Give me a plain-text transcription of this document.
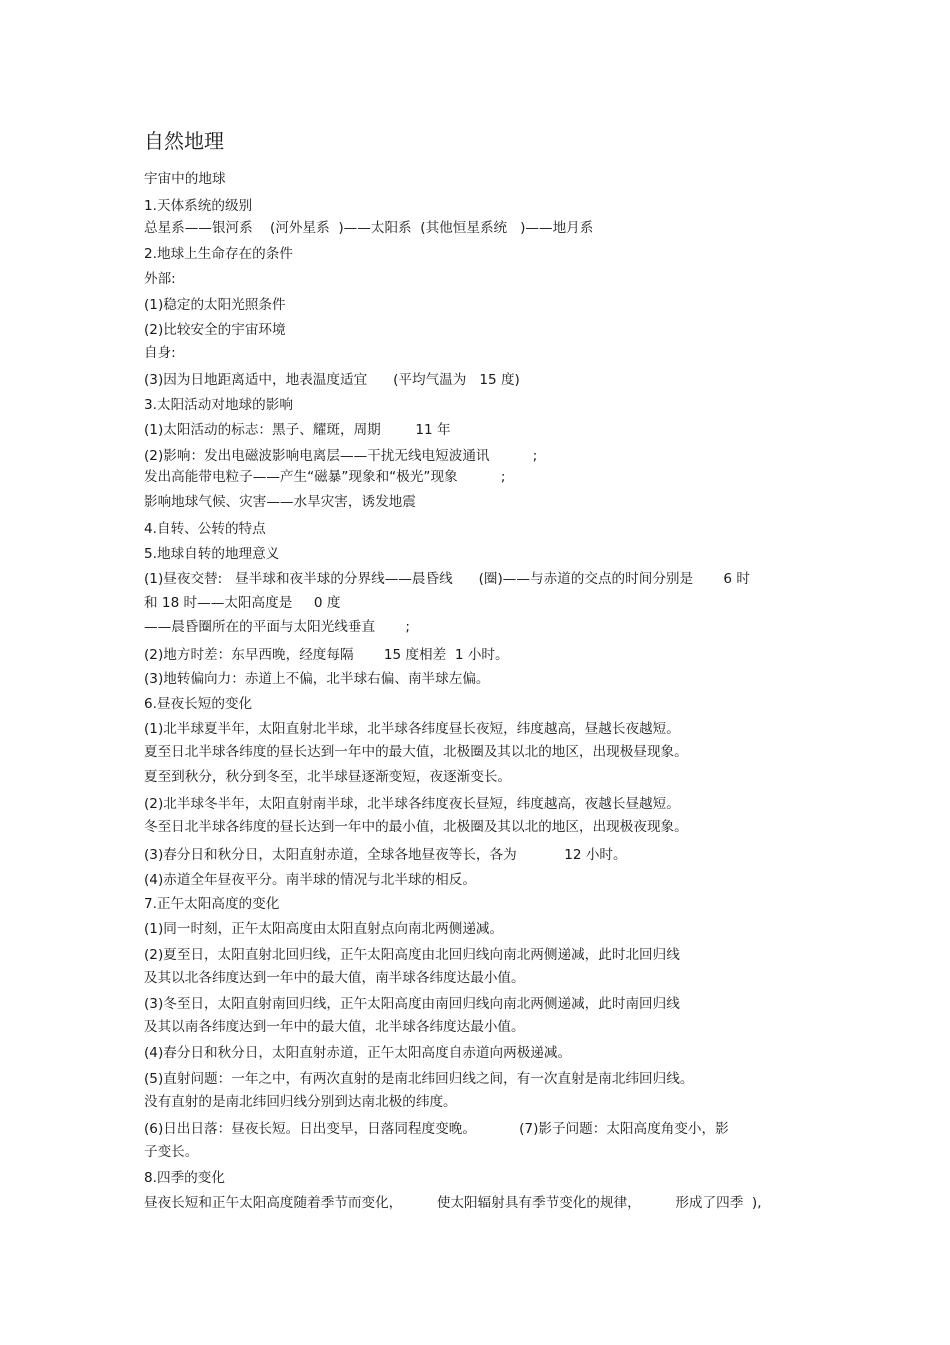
自然地理
宇宙中的地球
1.天体系统的级别
总星系——银河系    (河外星系  )——太阳系  (其他恒星系统   )——地月系
2.地球上生命存在的条件
外部:
(1)稳定的太阳光照条件
(2)比较安全的宇宙环境
自身:
(3)因为日地距离适中，地表温度适宜      (平均气温为   15 度)
3.太阳活动对地球的影响
(1)太阳活动的标志：黑子、耀斑，周期        11 年
(2)影响：发出电磁波影响电离层——干扰无线电短波通讯          ;
发出高能带电粒子——产生“磁暴”现象和“极光”现象          ;
影响地球气候、灾害——水旱灾害，诱发地震
4.自转、公转的特点
5.地球自转的地理意义
(1)昼夜交替:   昼半球和夜半球的分界线——晨昏线      (圈)——与赤道的交点的时间分别是       6 时
和 18 时——太阳高度是     0 度
——晨昏圈所在的平面与太阳光线垂直       ;
(2)地方时差：东早西晚，经度每隔       15 度相差  1 小时。
(3)地转偏向力：赤道上不偏，北半球右偏、南半球左偏。
6.昼夜长短的变化
(1)北半球夏半年，太阳直射北半球，北半球各纬度昼长夜短，纬度越高，昼越长夜越短。
夏至日北半球各纬度的昼长达到一年中的最大值，北极圈及其以北的地区，出现极昼现象。
夏至到秋分，秋分到冬至，北半球昼逐渐变短，夜逐渐变长。
(2)北半球冬半年，太阳直射南半球，北半球各纬度夜长昼短，纬度越高，夜越长昼越短。
冬至日北半球各纬度的昼长达到一年中的最小值，北极圈及其以北的地区，出现极夜现象。
(3)春分日和秋分日，太阳直射赤道，全球各地昼夜等长，各为           12 小时。
(4)赤道全年昼夜平分。南半球的情况与北半球的相反。
7.正午太阳高度的变化
(1)同一时刻，正午太阳高度由太阳直射点向南北两侧递减。
(2)夏至日，太阳直射北回归线，正午太阳高度由北回归线向南北两侧递减，此时北回归线
及其以北各纬度达到一年中的最大值，南半球各纬度达最小值。
(3)冬至日，太阳直射南回归线，正午太阳高度由南回归线向南北两侧递减，此时南回归线
及其以南各纬度达到一年中的最大值，北半球各纬度达最小值。
(4)春分日和秋分日，太阳直射赤道，正午太阳高度自赤道向两极递减。
(5)直射问题：一年之中，有两次直射的是南北纬回归线之间，有一次直射是南北纬回归线。
没有直射的是南北纬回归线分别到达南北极的纬度。
(6)日出日落：昼夜长短。日出变早，日落同程度变晚。          (7)影子问题：太阳高度角变小，影
子变长。
8.四季的变化
昼夜长短和正午太阳高度随着季节而变化，        使太阳辐射具有季节变化的规律，        形成了四季  ),
